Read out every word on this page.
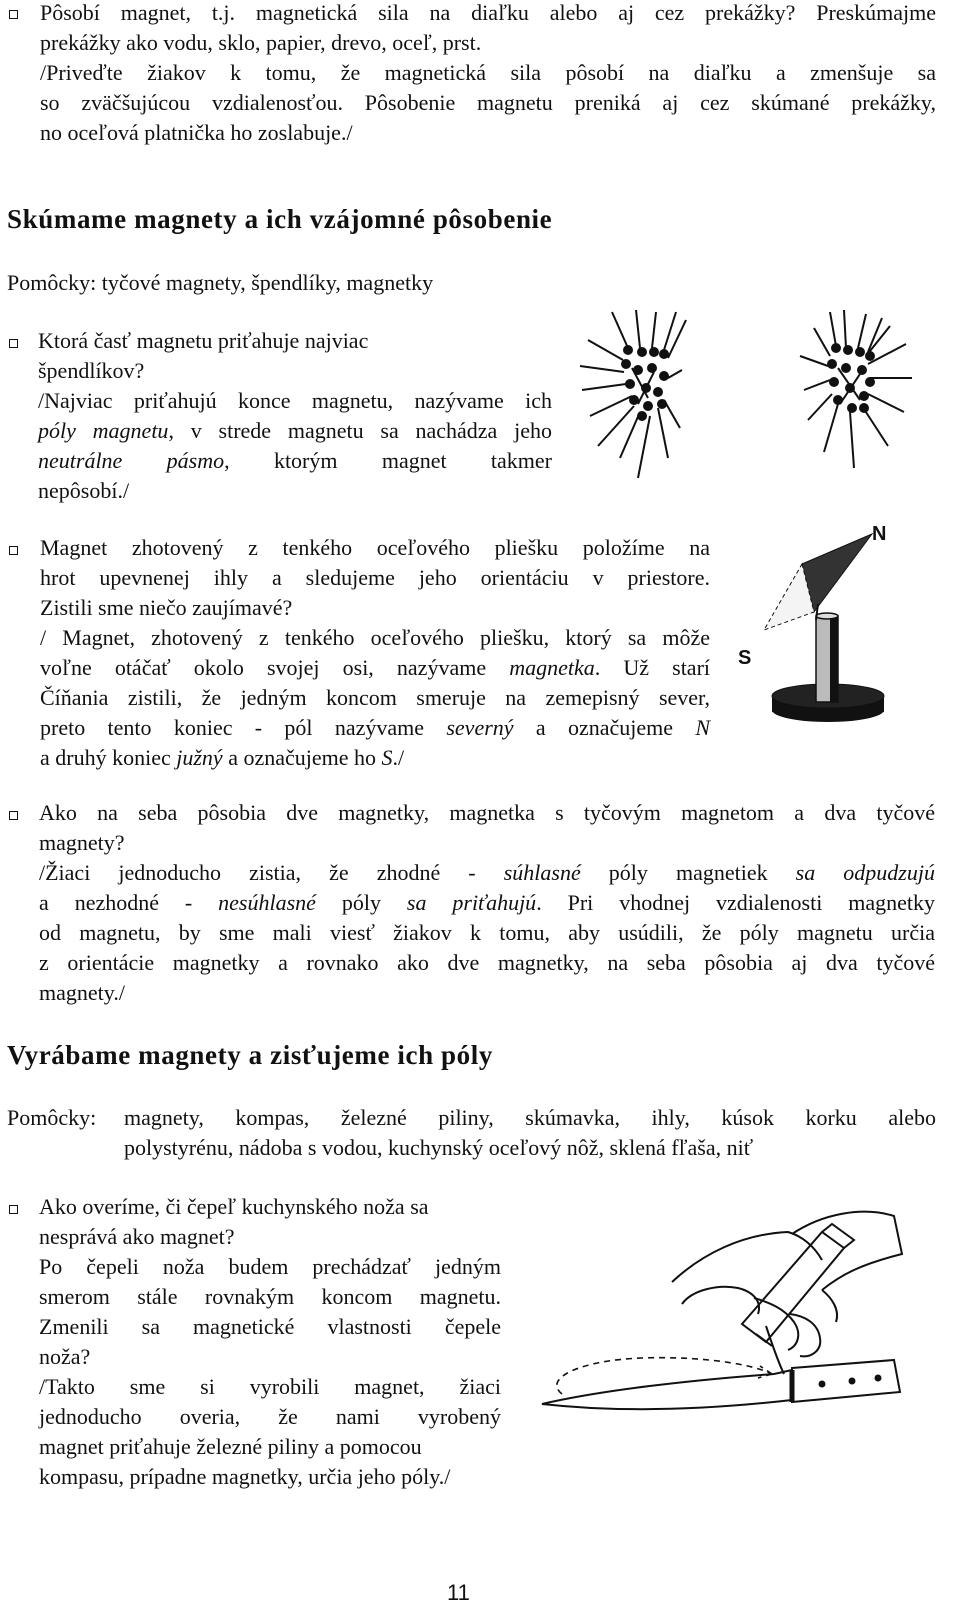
Pôsobí magnet, t.j. magnetická sila na diaľku alebo aj cez prekážky? Preskúmajme
prekážky ako vodu, sklo, papier, drevo, oceľ, prst.
/Priveďte žiakov k tomu, že magnetická sila pôsobí na diaľku a zmenšuje sa
so zväčšujúcou vzdialenosťou. Pôsobenie magnetu preniká aj cez skúmané prekážky,
no oceľová platnička ho zoslabuje./
Skúmame magnety a ich vzájomné pôsobenie
Pomôcky: tyčové magnety, špendlíky, magnetky
Ktorá časť magnetu priťahuje najviac
špendlíkov?
/Najviac priťahujú konce magnetu, nazývame ich
póly magnetu, v strede magnetu sa nachádza jeho
neutrálne pásmo, ktorým magnet takmer
nepôsobí./
Magnet zhotovený z tenkého oceľového pliešku položíme na
hrot upevnenej ihly a sledujeme jeho orientáciu v priestore.
Zistili sme niečo zaujímavé?
/ Magnet, zhotovený z tenkého oceľového pliešku, ktorý sa môže
voľne otáčať okolo svojej osi, nazývame magnetka. Už starí
Číňania zistili, že jedným koncom smeruje na zemepisný sever,
preto tento koniec - pól nazývame severný a označujeme N
a druhý koniec južný a označujeme ho S./
N
S
Ako na seba pôsobia dve magnetky, magnetka s tyčovým magnetom a dva tyčové
magnety?
/Žiaci jednoducho zistia, že zhodné - súhlasné póly magnetiek sa odpudzujú
a nezhodné - nesúhlasné póly sa priťahujú. Pri vhodnej vzdialenosti magnetky
od magnetu, by sme mali viesť žiakov k tomu, aby usúdili, že póly magnetu určia
z orientácie magnetky a rovnako ako dve magnetky, na seba pôsobia aj dva tyčové
magnety./
Vyrábame magnety a zisťujeme ich póly
Pomôcky:	magnety, kompas, železné piliny, skúmavka, ihly, kúsok korku alebo
polystyrénu, nádoba s vodou, kuchynský oceľový nôž, sklená fľaša, niť
Ako overíme, či čepeľ kuchynského noža sa
nesprává ako magnet?
Po čepeli noža budem prechádzať jedným
smerom stále rovnakým koncom magnetu.
Zmenili sa magnetické vlastnosti čepele
noža?
/Takto sme si vyrobili magnet, žiaci
jednoducho overia, že nami vyrobený
magnet priťahuje železné piliny a pomocou
kompasu, prípadne magnetky, určia jeho póly./
11
